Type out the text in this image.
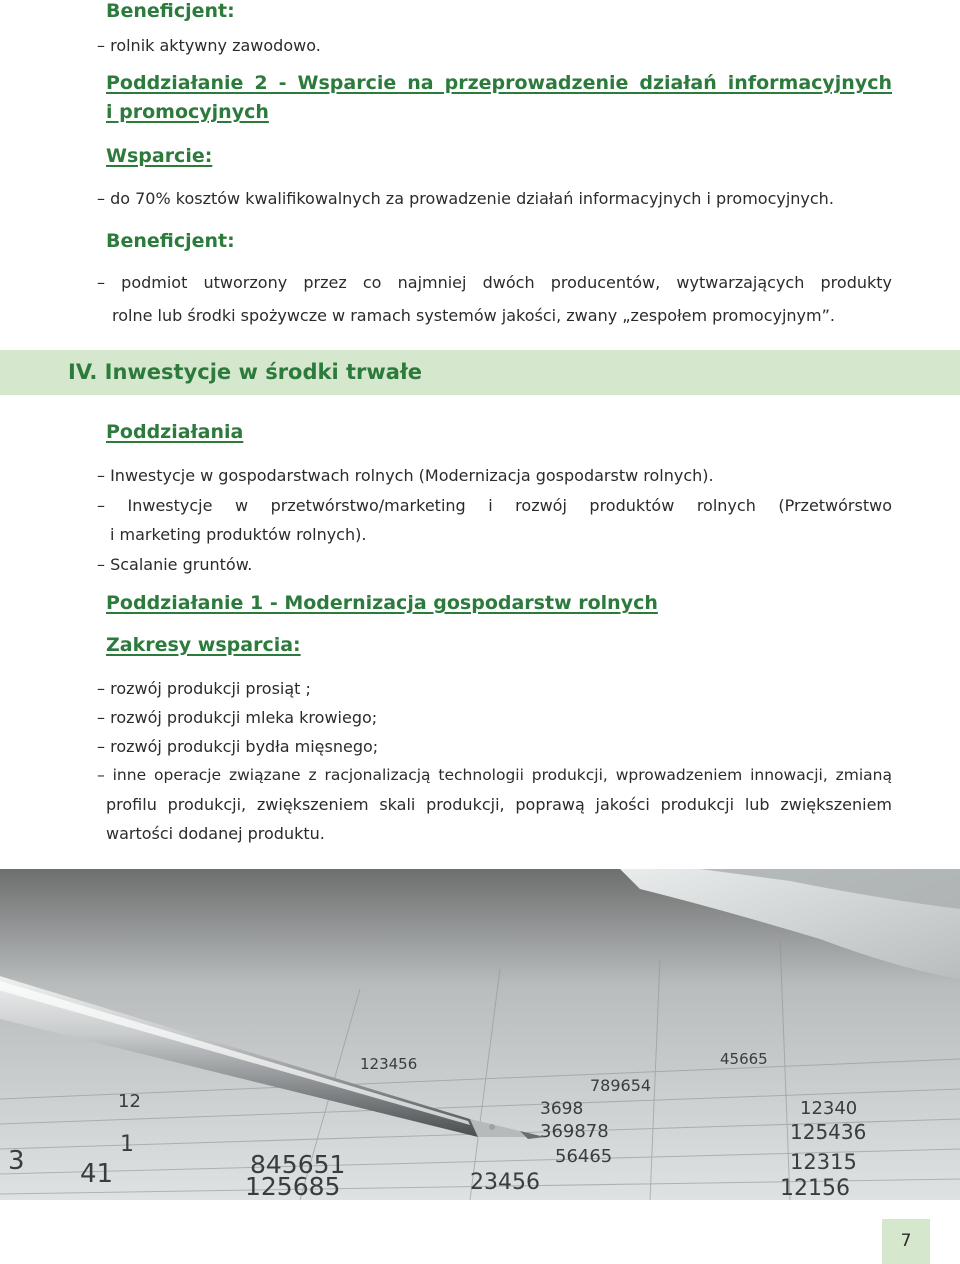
Beneficjent:
– rolnik aktywny zawodowo.
Poddziałanie 2 - Wsparcie na przeprowadzenie działań informacyjnych
i promocyjnych
Wsparcie:
– do 70% kosztów kwalifikowalnych za prowadzenie działań informacyjnych i promocyjnych.
Beneficjent:
– podmiot utworzony przez co najmniej dwóch producentów, wytwarzających produkty
rolne lub środki spożywcze w ramach systemów jakości, zwany „zespołem promocyjnym”.
IV. Inwestycje w środki trwałe
Poddziałania
– Inwestycje w gospodarstwach rolnych (Modernizacja gospodarstw rolnych).
– Inwestycje w przetwórstwo/marketing i rozwój produktów rolnych (Przetwórstwo
i marketing produktów rolnych).
– Scalanie gruntów.
Poddziałanie 1 - Modernizacja gospodarstw rolnych
Zakresy wsparcia:
– rozwój produkcji prosiąt ;
– rozwój produkcji mleka krowiego;
– rozwój produkcji bydła mięsnego;
– inne operacje związane z racjonalizacją technologii produkcji, wprowadzeniem innowacji, zmianą
profilu produkcji, zwiększeniem skali produkcji, poprawą jakości produkcji lub zwiększeniem
wartości dodanej produktu.
845651
125685
41
1
12	3698
789654
369878
56465
125436
12340
12315
45665
23456	12156
123456
3
7
